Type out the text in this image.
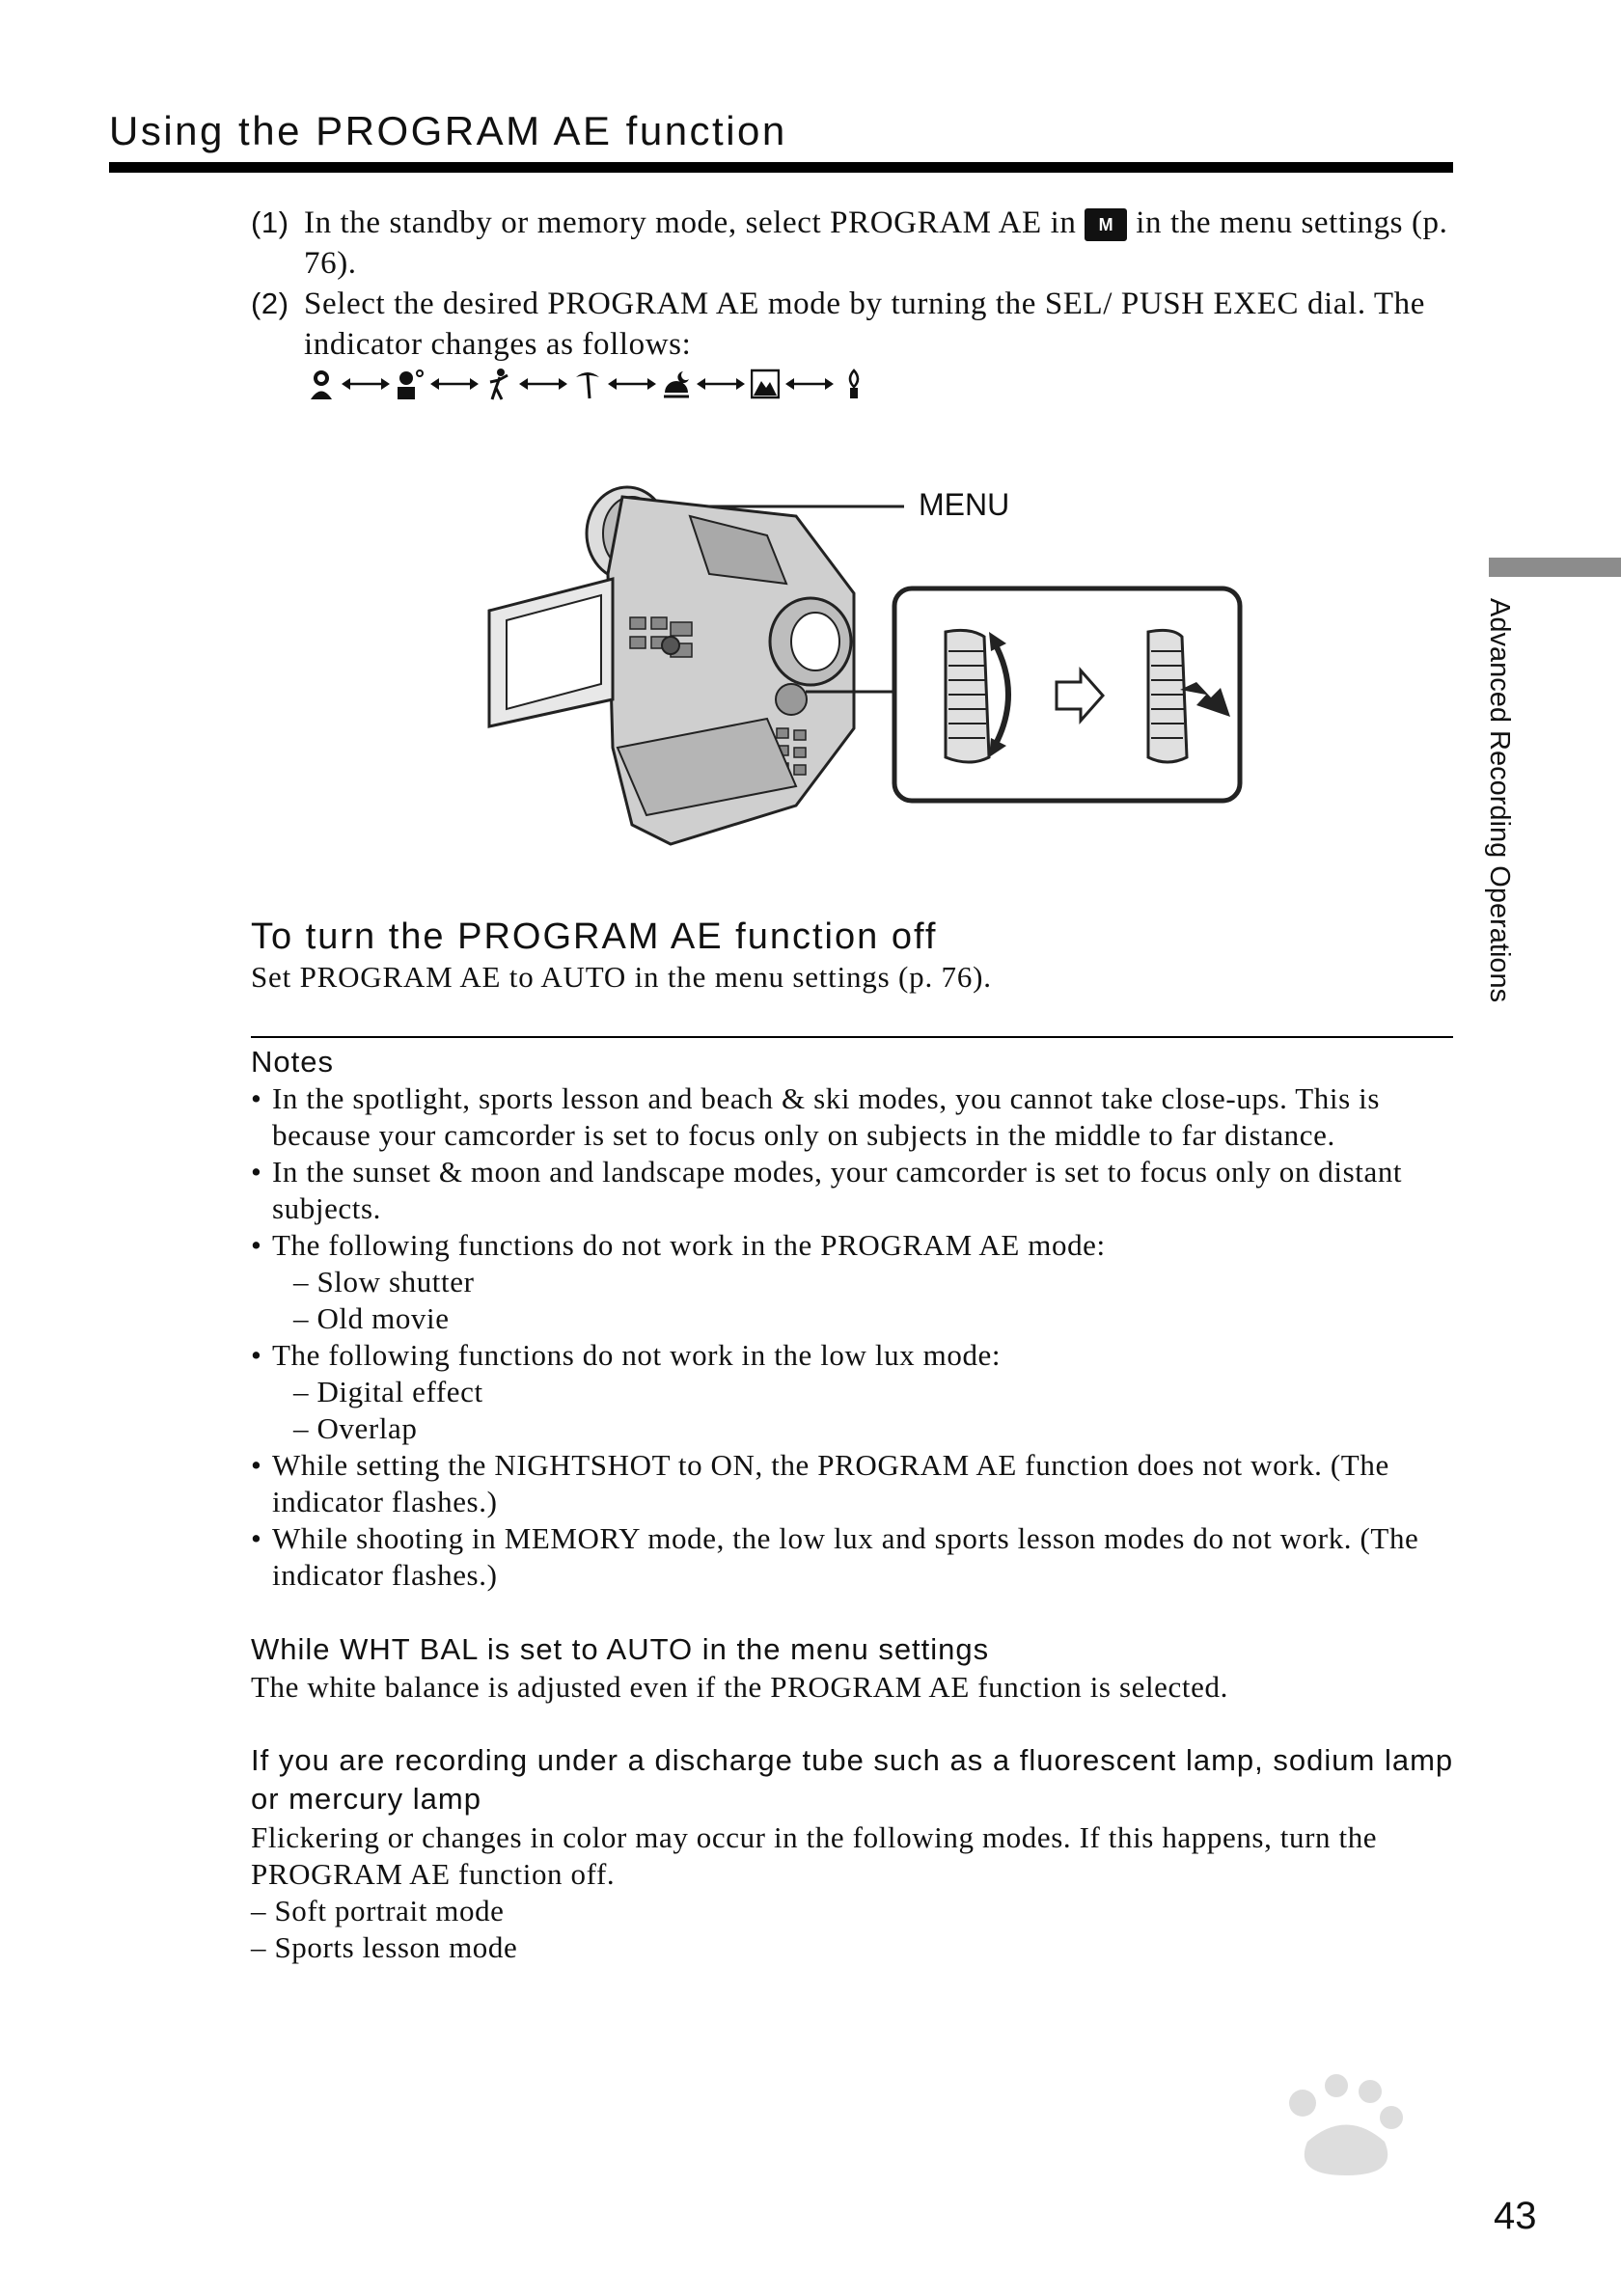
Using the PROGRAM AE function
(1) In the standby or memory mode, select PROGRAM AE in M in the menu settings (p. 76).
(2) Select the desired PROGRAM AE mode by turning the SEL/ PUSH EXEC dial. The indicator changes as follows:
MENU
Advanced Recording Operations
To turn the PROGRAM AE function off
Set PROGRAM AE to AUTO in the menu settings (p. 76).
Notes
• In the spotlight, sports lesson and beach & ski modes, you cannot take close-ups. This is because your camcorder is set to focus only on subjects in the middle to far distance.
• In the sunset & moon and landscape modes, your camcorder is set to focus only on distant subjects.
• The following functions do not work in the PROGRAM AE mode:
– Slow shutter
– Old movie
• The following functions do not work in the low lux mode:
– Digital effect
– Overlap
• While setting the NIGHTSHOT to ON, the PROGRAM AE function does not work. (The indicator flashes.)
• While shooting in MEMORY mode, the low lux and sports lesson modes do not work. (The indicator flashes.)
While WHT BAL is set to AUTO in the menu settings
The white balance is adjusted even if the PROGRAM AE function is selected.
If you are recording under a discharge tube such as a fluorescent lamp, sodium lamp or mercury lamp
Flickering or changes in color may occur in the following modes. If this happens, turn the PROGRAM AE function off.
– Soft portrait mode
– Sports lesson mode
43
